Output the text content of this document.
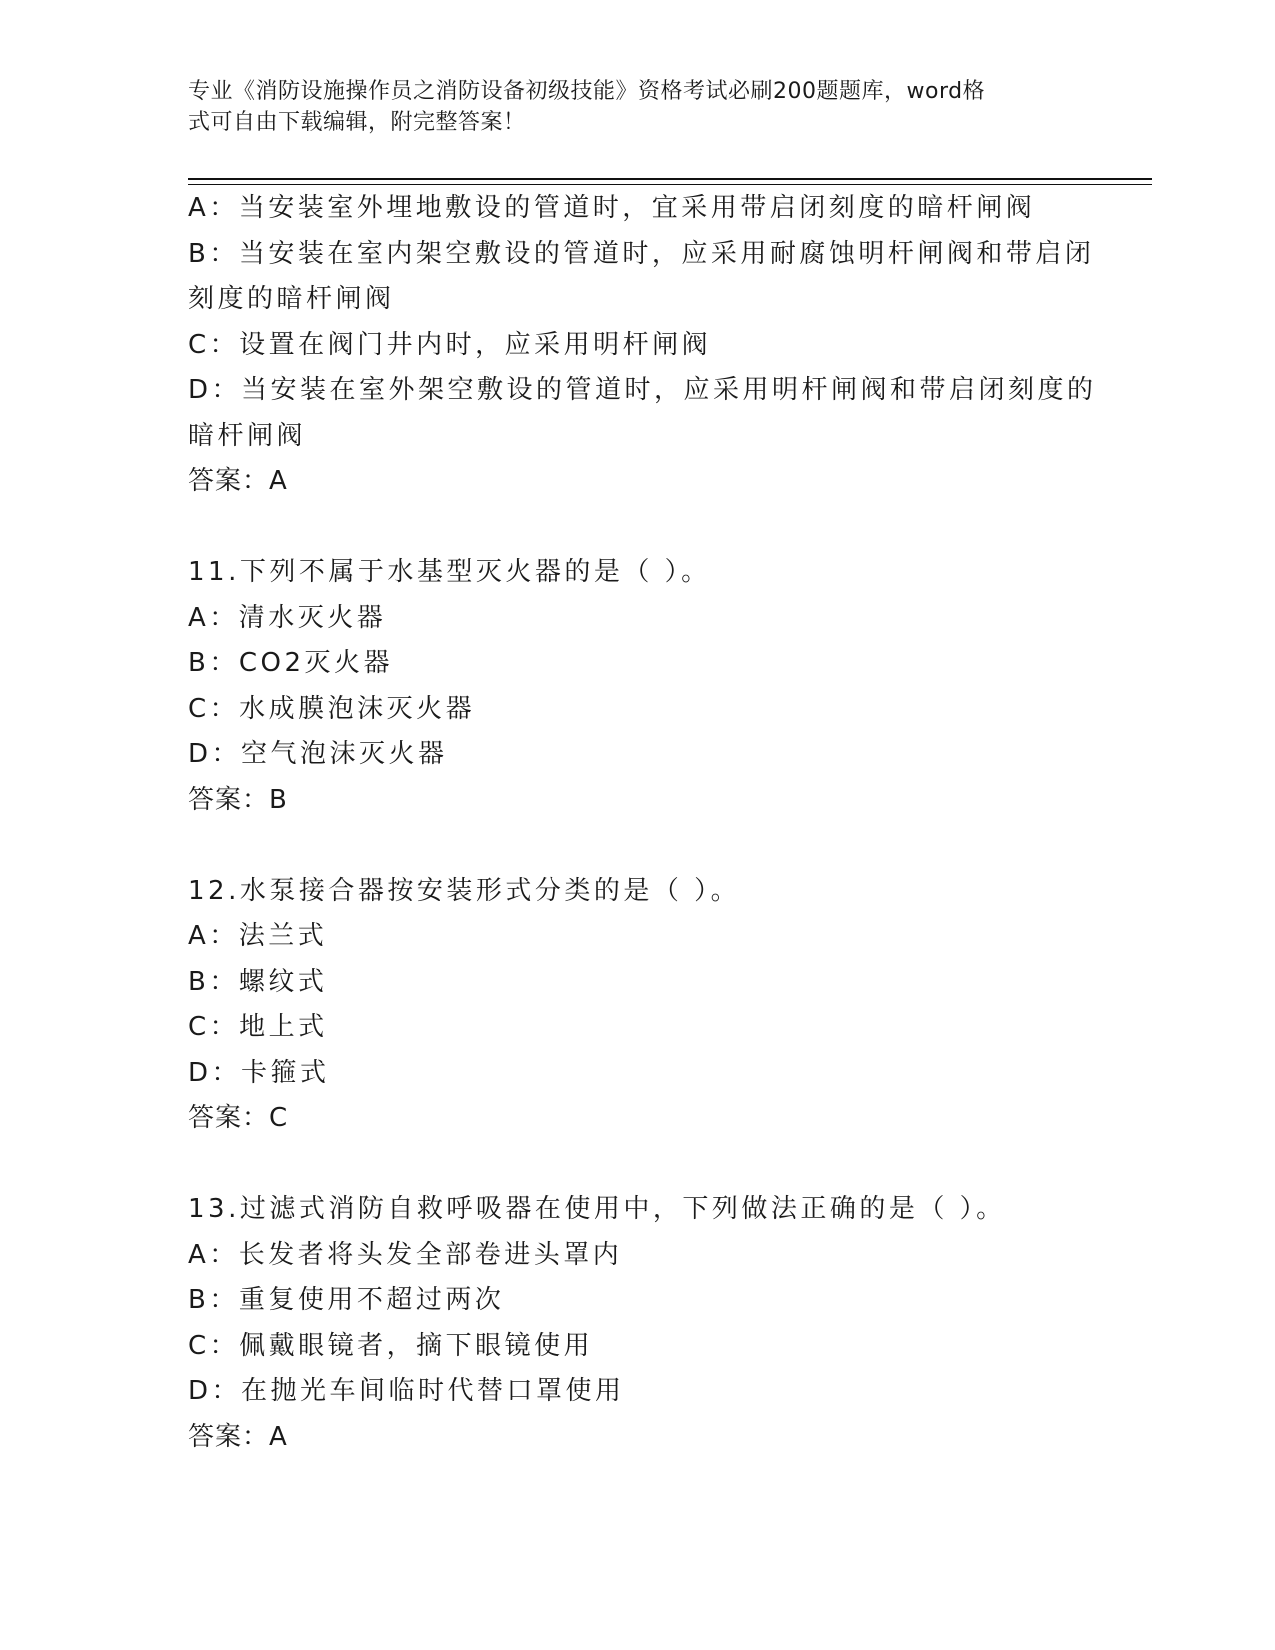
专业《消防设施操作员之消防设备初级技能》资格考试必刷200题题库，word格
式可自由下载编辑，附完整答案！
A：当安装室外埋地敷设的管道时，宜采用带启闭刻度的暗杆闸阀
B：当安装在室内架空敷设的管道时，应采用耐腐蚀明杆闸阀和带启闭
刻度的暗杆闸阀
C：设置在阀门井内时，应采用明杆闸阀
D：当安装在室外架空敷设的管道时，应采用明杆闸阀和带启闭刻度的
暗杆闸阀
答案：A
11.下列不属于水基型灭火器的是（ ）。
A：清水灭火器
B：CO2灭火器
C：水成膜泡沫灭火器
D：空气泡沫灭火器
答案：B
12.水泵接合器按安装形式分类的是（ ）。
A：法兰式
B：螺纹式
C：地上式
D：卡箍式
答案：C
13.过滤式消防自救呼吸器在使用中，下列做法正确的是（ ）。
A：长发者将头发全部卷进头罩内
B：重复使用不超过两次
C：佩戴眼镜者，摘下眼镜使用
D：在抛光车间临时代替口罩使用
答案：A
